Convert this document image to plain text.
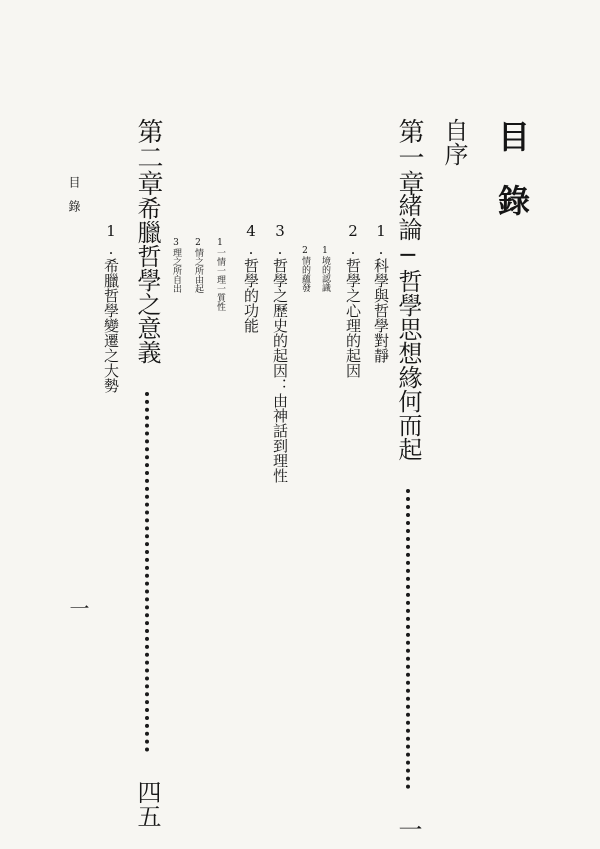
目　錄
自序
第一章
緒論─哲學思想緣何而起  一
1.科學與哲學對靜
2.哲學之心理的起因
1境的認識
2情的蘊發
3.哲學之歷史的起因：由神話到理性
4.哲學的功能
1一情一理一質性
2情之所由起
3理之所自出
第二章
希臘哲學之意義  四五
1.希臘哲學變遷之大勢
目　錄
一
